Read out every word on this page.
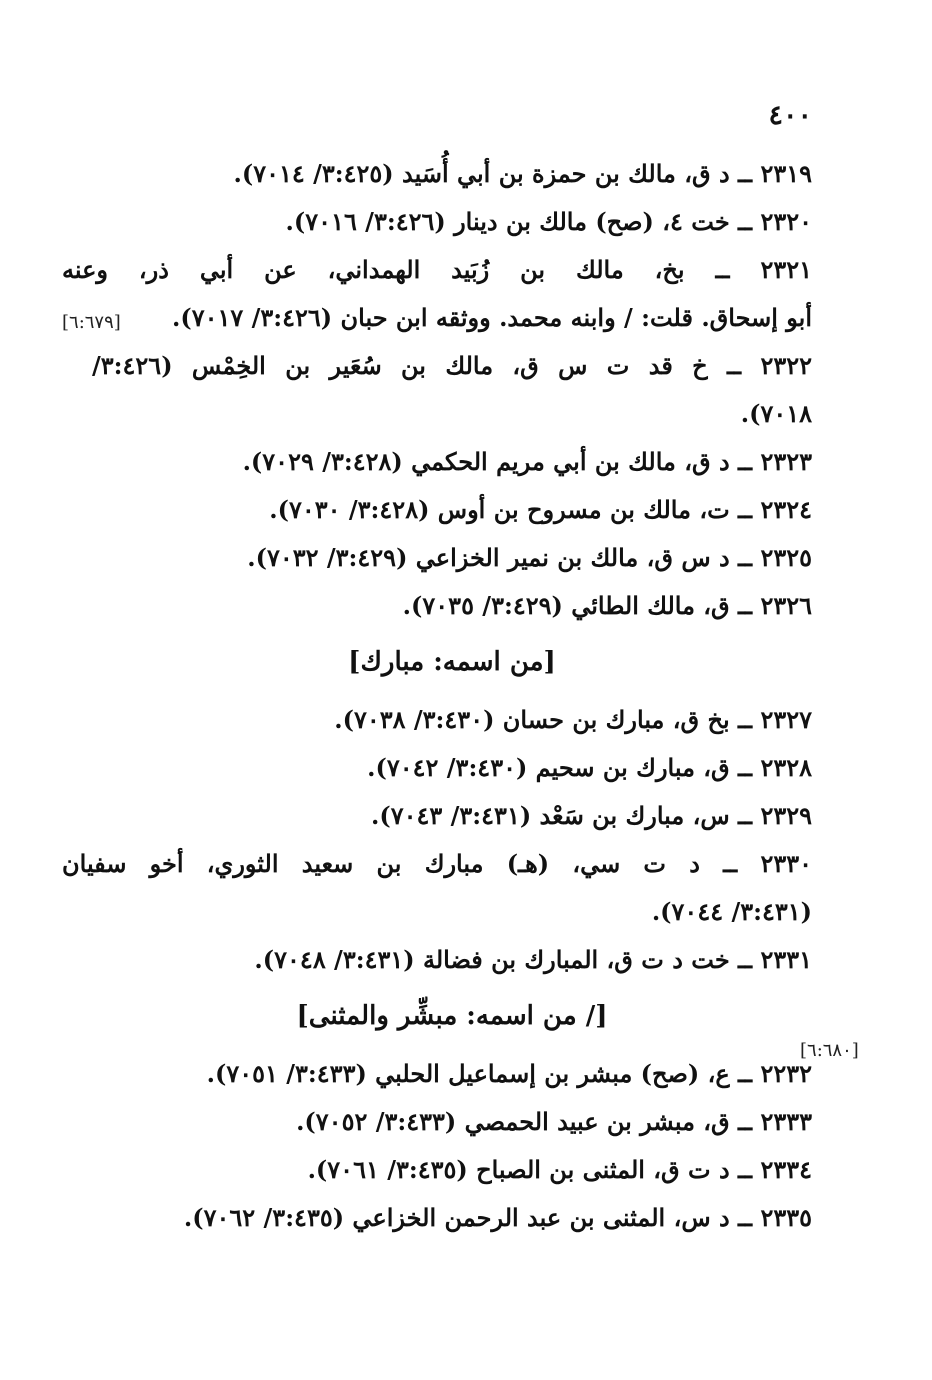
٤٠٠
[٦:٦٧٩]
[٦:٦٨٠]
٢٣١٩ ــ د ق، مالك بن حمزة بن أبي أُسَيد (٣:٤٢٥/ ٧٠١٤).
٢٣٢٠ ــ خت ٤، (صح) مالك بن دينار (٣:٤٢٦/ ٧٠١٦).
٢٣٢١ ــ بخ، مالك بن زُبَيد الهمداني، عن أبي ذر، وعنه
أبو إسحاق. قلت: / وابنه محمد. ووثقه ابن حبان (٣:٤٢٦/ ٧٠١٧).
٢٣٢٢ ــ خ قد ت س ق، مالك بن سُعَير بن الخِمْس (٣:٤٢٦/
٧٠١٨).
٢٣٢٣ ــ د ق، مالك بن أبي مريم الحكمي (٣:٤٢٨/ ٧٠٢٩).
٢٣٢٤ ــ ت، مالك بن مسروح بن أوس (٣:٤٢٨/ ٧٠٣٠).
٢٣٢٥ ــ د س ق، مالك بن نمير الخزاعي (٣:٤٢٩/ ٧٠٣٢).
٢٣٢٦ ــ ق، مالك الطائي (٣:٤٢٩/ ٧٠٣٥).
[من اسمه: مبارك]
٢٣٢٧ ــ بخ ق، مبارك بن حسان (٣:٤٣٠/ ٧٠٣٨).
٢٣٢٨ ــ ق، مبارك بن سحيم (٣:٤٣٠/ ٧٠٤٢).
٢٣٢٩ ــ س، مبارك بن سَعْد (٣:٤٣١/ ٧٠٤٣).
٢٣٣٠ ــ د ت سي، (هـ) مبارك بن سعيد الثوري، أخو سفيان
(٣:٤٣١/ ٧٠٤٤).
٢٣٣١ ــ خت د ت ق، المبارك بن فضالة (٣:٤٣١/ ٧٠٤٨).
[/ من اسمه: مبشِّر والمثنى]
٢٢٣٢ ــ ع، (صح) مبشر بن إسماعيل الحلبي (٣:٤٣٣/ ٧٠٥١).
٢٣٣٣ ــ ق، مبشر بن عبيد الحمصي (٣:٤٣٣/ ٧٠٥٢).
٢٣٣٤ ــ د ت ق، المثنى بن الصباح (٣:٤٣٥/ ٧٠٦١).
٢٣٣٥ ــ د س، المثنى بن عبد الرحمن الخزاعي (٣:٤٣٥/ ٧٠٦٢).
